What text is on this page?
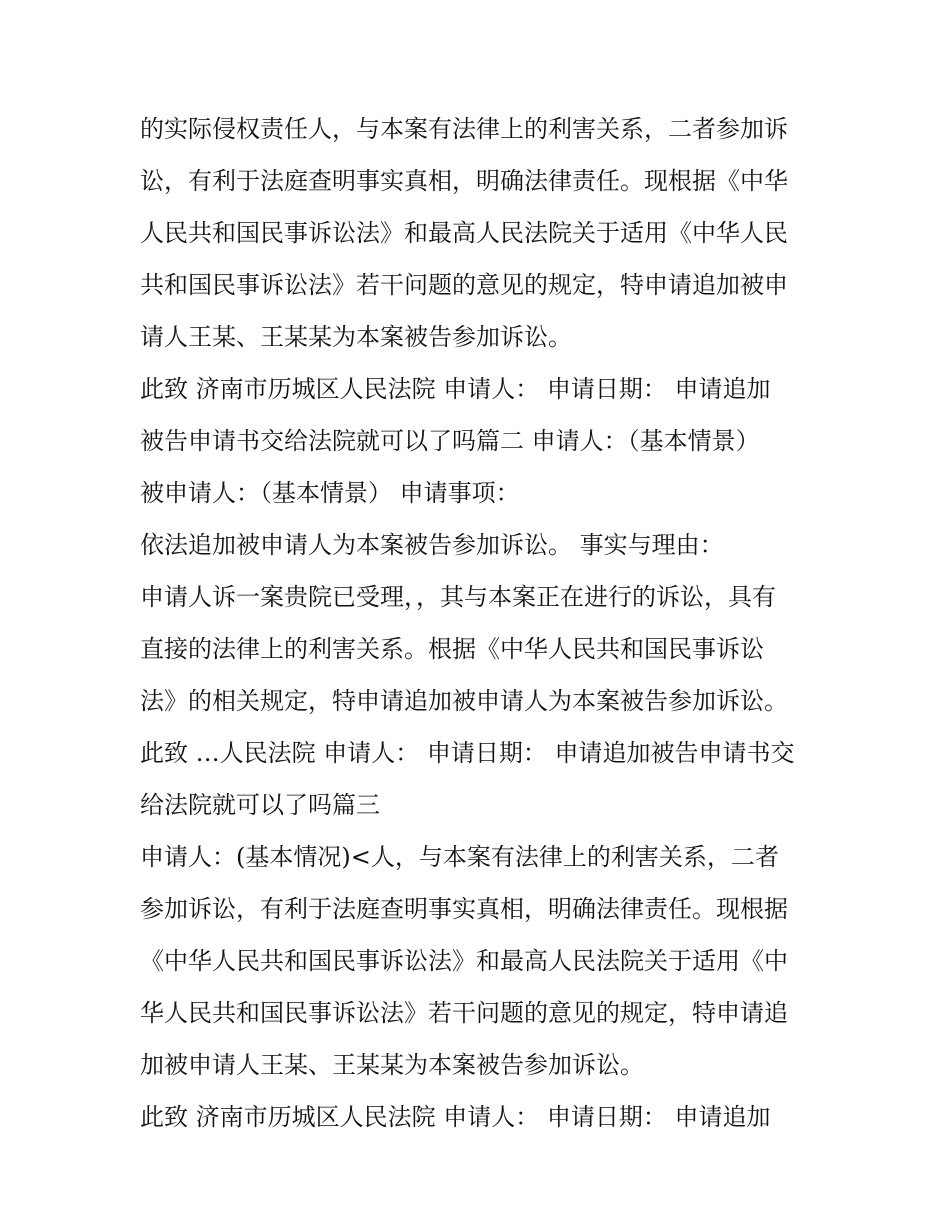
的实际侵权责任人，与本案有法律上的利害关系，二者参加诉
讼，有利于法庭查明事实真相，明确法律责任。现根据《中华
人民共和国民事诉讼法》和最高人民法院关于适用《中华人民
共和国民事诉讼法》若干问题的意见的规定，特申请追加被申
请人王某、王某某为本案被告参加诉讼。
此致 济南市历城区人民法院 申请人： 申请日期： 申请追加
被告申请书交给法院就可以了吗篇二 申请人：（基本情景）
被申请人：（基本情景） 申请事项：
依法追加被申请人为本案被告参加诉讼。 事实与理由：
申请人诉一案贵院已受理，，其与本案正在进行的诉讼，具有
直接的法律上的利害关系。根据《中华人民共和国民事诉讼
法》的相关规定，特申请追加被申请人为本案被告参加诉讼。
此致 …人民法院 申请人： 申请日期： 申请追加被告申请书交
给法院就可以了吗篇三
申请人：(基本情况)<人，与本案有法律上的利害关系，二者
参加诉讼，有利于法庭查明事实真相，明确法律责任。现根据
《中华人民共和国民事诉讼法》和最高人民法院关于适用《中
华人民共和国民事诉讼法》若干问题的意见的规定，特申请追
加被申请人王某、王某某为本案被告参加诉讼。
此致 济南市历城区人民法院 申请人： 申请日期： 申请追加
